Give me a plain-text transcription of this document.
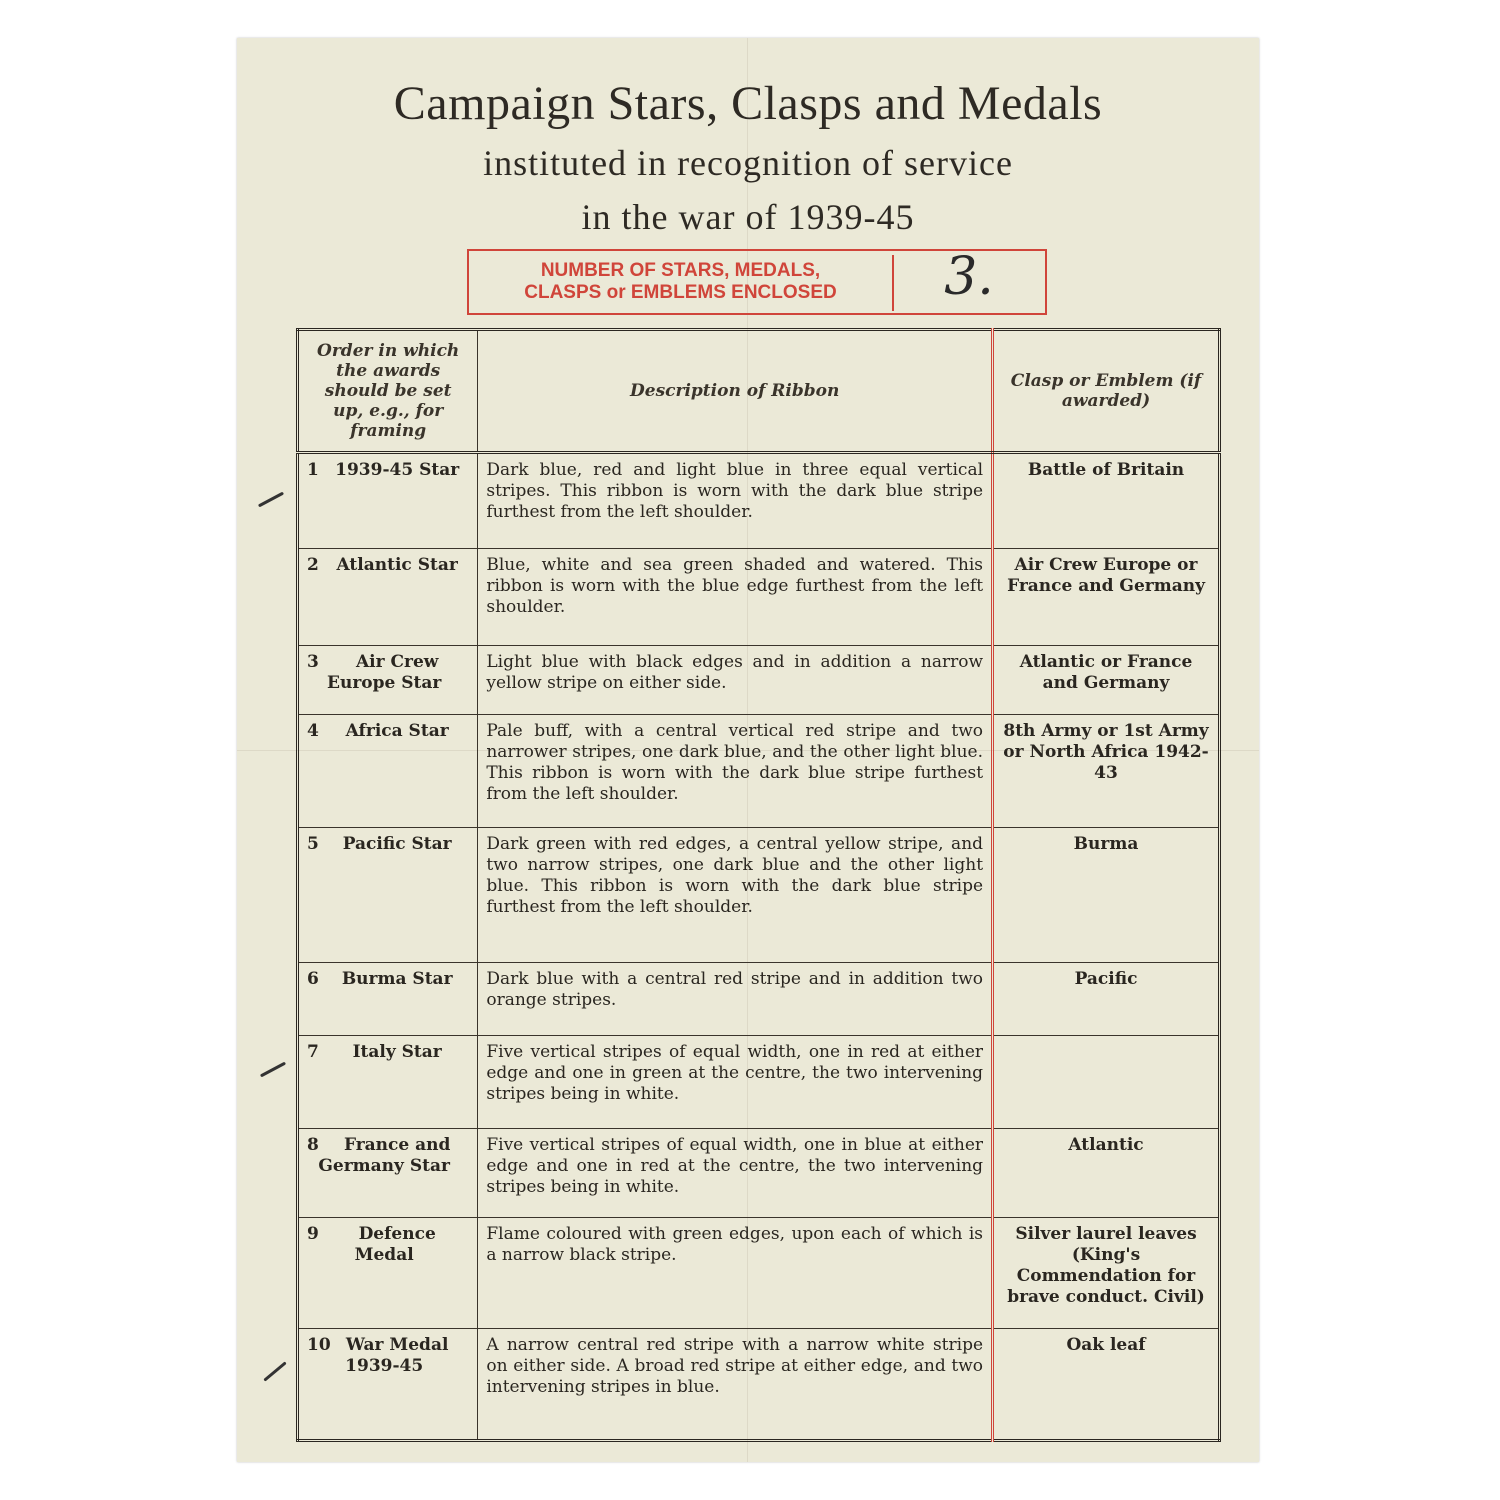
Campaign Stars, Clasps and Medals
instituted in recognition of service
in the war of 1939-45
NUMBER OF STARS, MEDALS,
CLASPS or EMBLEMS ENCLOSED	3.
Order in which the awards should be set up, e.g., for framing	Description of Ribbon	Clasp or Emblem (if awarded)

1 1939-45 Star	Dark blue, red and light blue in three equal vertical stripes. This ribbon is worn with the dark blue stripe furthest from the left shoulder.	Battle of Britain

2 Atlantic Star	Blue, white and sea green shaded and watered. This ribbon is worn with the blue edge furthest from the left shoulder.	Air Crew Europe or France and Germany

3 Air Crew Europe Star	Light blue with black edges and in addition a narrow yellow stripe on either side.	Atlantic or France and Germany

4 Africa Star	Pale buff, with a central vertical red stripe and two narrower stripes, one dark blue, and the other light blue. This ribbon is worn with the dark blue stripe furthest from the left shoulder.	8th Army or 1st Army or North Africa 1942-43

5 Pacific Star	Dark green with red edges, a central yellow stripe, and two narrow stripes, one dark blue and the other light blue. This ribbon is worn with the dark blue stripe furthest from the left shoulder.	Burma

6 Burma Star	Dark blue with a central red stripe and in addition two orange stripes.	Pacific

7 Italy Star	Five vertical stripes of equal width, one in red at either edge and one in green at the centre, the two intervening stripes being in white.	

8 France and Germany Star	Five vertical stripes of equal width, one in blue at either edge and one in red at the centre, the two intervening stripes being in white.	Atlantic

9 Defence Medal	Flame coloured with green edges, upon each of which is a narrow black stripe.	Silver laurel leaves (King's Commendation for brave conduct. Civil)

10 War Medal 1939-45	A narrow central red stripe with a narrow white stripe on either side. A broad red stripe at either edge, and two intervening stripes in blue.	Oak leaf
